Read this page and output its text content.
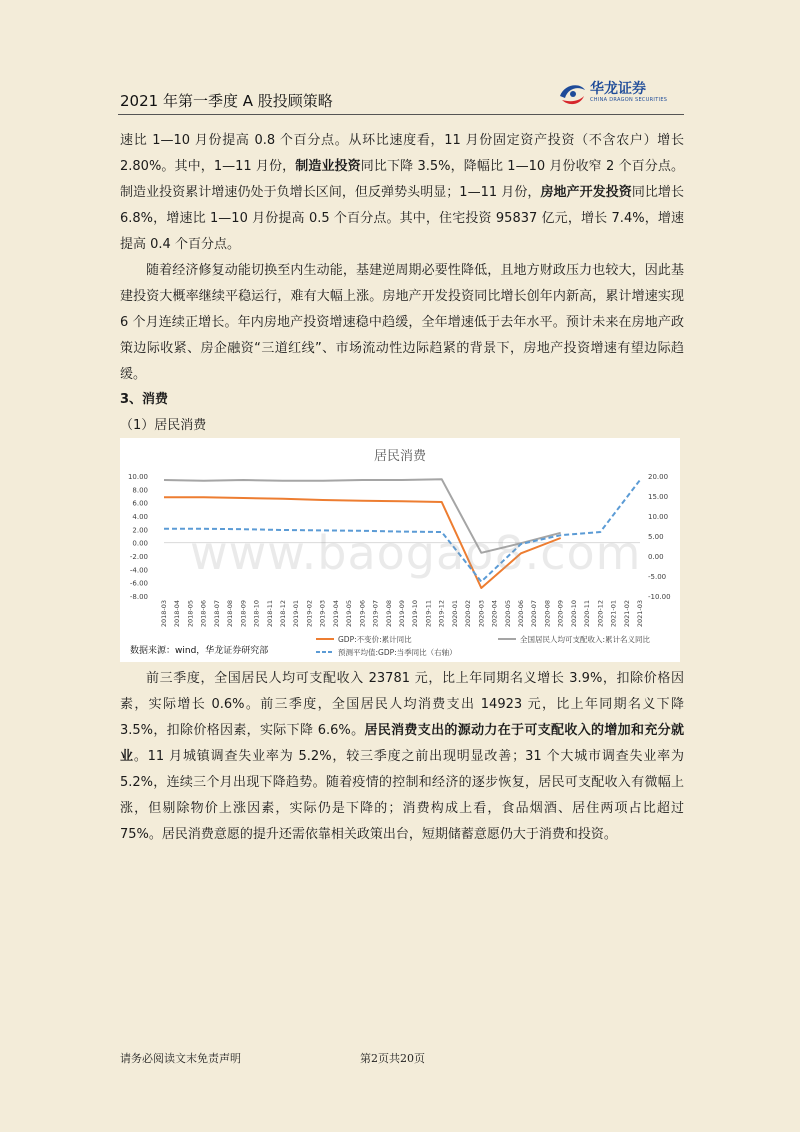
2021 年第一季度 A 股投顾策略
华龙证券
CHINA DRAGON SECURITIES
速比 1—10 月份提高 0.8 个百分点。从环比速度看，11 月份固定资产投资（不含农户）增长 2.80%。其中，1—11 月份，制造业投资同比下降 3.5%，降幅比 1—10 月份收窄 2 个百分点。制造业投资累计增速仍处于负增长区间，但反弹势头明显；1—11 月份，房地产开发投资同比增长 6.8%，增速比 1—10 月份提高 0.5 个百分点。其中，住宅投资 95837 亿元，增长 7.4%，增速提高 0.4 个百分点。
随着经济修复动能切换至内生动能，基建逆周期必要性降低，且地方财政压力也较大，因此基建投资大概率继续平稳运行，难有大幅上涨。房地产开发投资同比增长创年内新高，累计增速实现 6 个月连续正增长。年内房地产投资增速稳中趋缓，全年增速低于去年水平。预计未来在房地产政策边际收紧、房企融资“三道红线”、市场流动性边际趋紧的背景下，房地产投资增速有望边际趋缓。
3、消费
（1）居民消费
居民消费
10.00
8.00
6.00
4.00
2.00
0.00
-2.00
-4.00
-6.00
-8.00
20.00
15.00
10.00
5.00
0.00
-5.00
-10.00
2018-03 2018-04 2018-05 2018-06 2018-07 2018-08 2018-09 2018-10 2018-11 2018-12 2019-01 2019-02 2019-03 2019-04 2019-05 2019-06 2019-07 2019-08 2019-09 2019-10 2019-11 2019-12 2020-01 2020-02 2020-03 2020-04 2020-05 2020-06 2020-07 2020-08 2020-09 2020-10 2020-11 2020-12 2021-01 2021-02 2021-03
GDP:不变价:累计同比	全国居民人均可支配收入:累计名义同比
预测平均值:GDP:当季同比（右轴）
www.baogao8.com
数据来源：wind，华龙证券研究部
前三季度，全国居民人均可支配收入 23781 元，比上年同期名义增长 3.9%，扣除价格因素，实际增长 0.6%。前三季度，全国居民人均消费支出 14923 元，比上年同期名义下降 3.5%，扣除价格因素，实际下降 6.6%。居民消费支出的源动力在于可支配收入的增加和充分就业。11 月城镇调查失业率为 5.2%，较三季度之前出现明显改善；31 个大城市调查失业率为 5.2%，连续三个月出现下降趋势。随着疫情的控制和经济的逐步恢复，居民可支配收入有微幅上涨，但剔除物价上涨因素，实际仍是下降的；消费构成上看，食品烟酒、居住两项占比超过 75%。居民消费意愿的提升还需依靠相关政策出台，短期储蓄意愿仍大于消费和投资。
请务必阅读文末免责声明	第2页共20页
